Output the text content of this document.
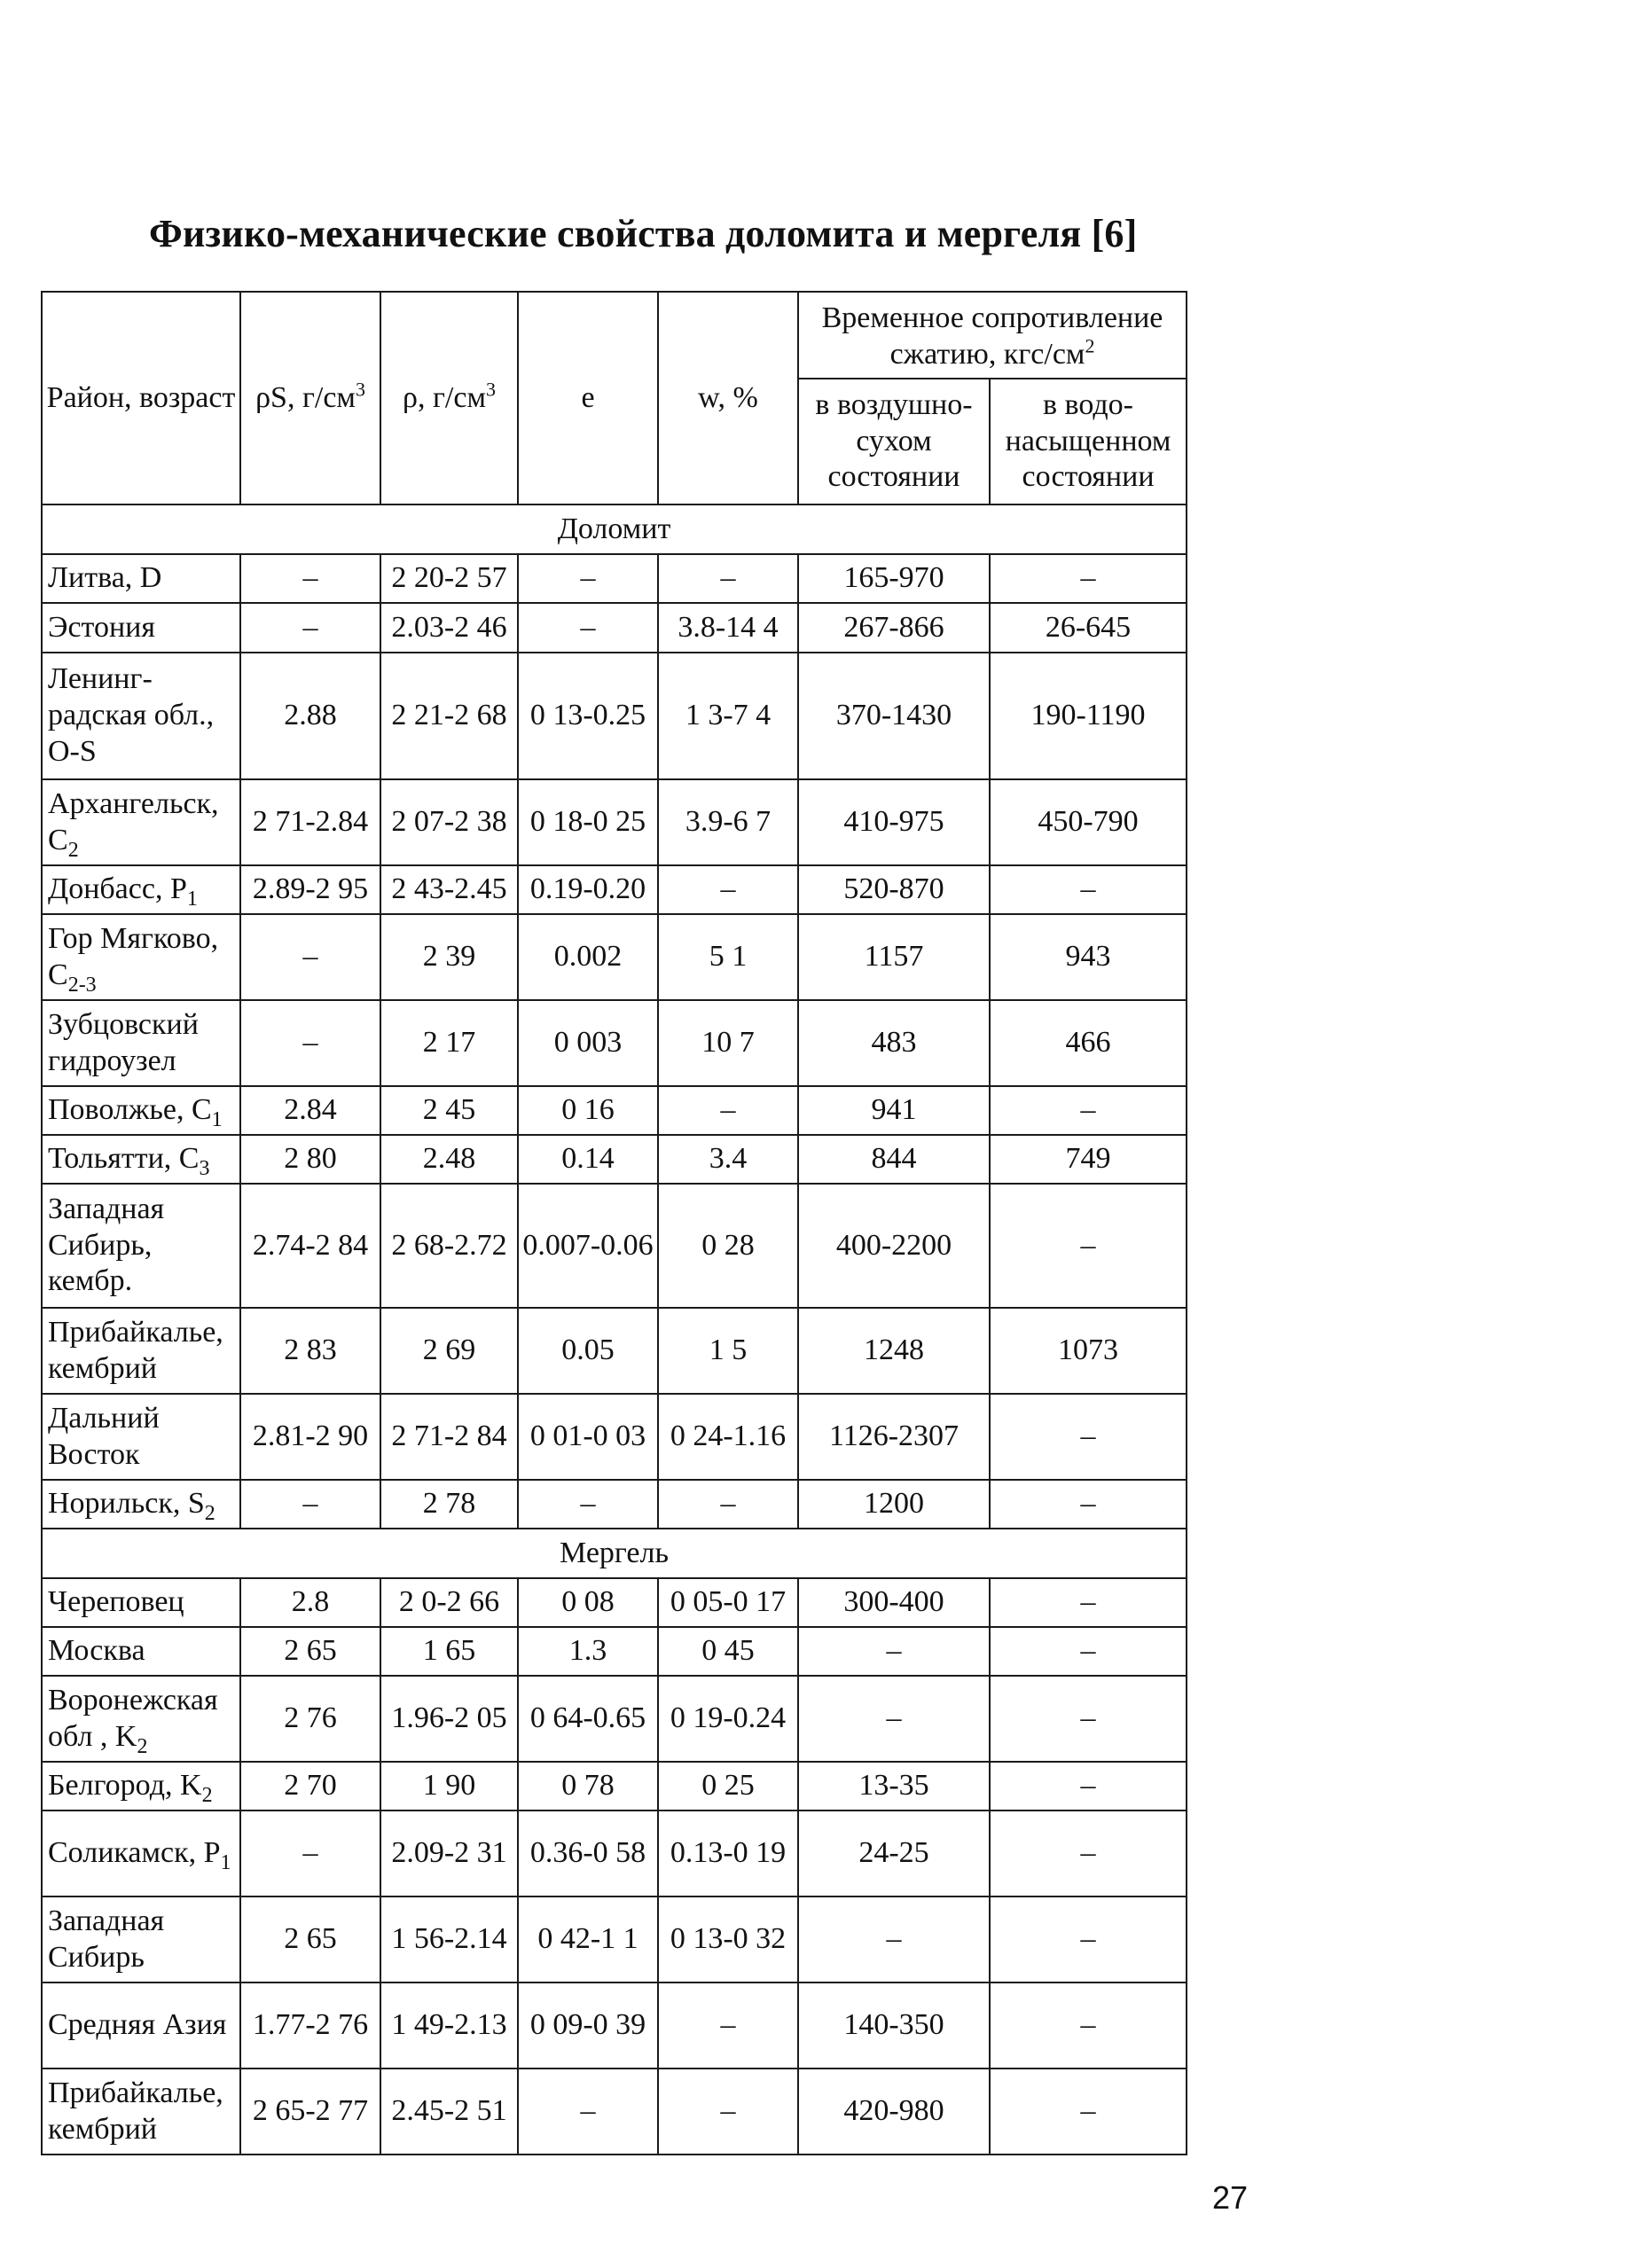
Физико-механические свойства доломита и мергеля [6]
Район, возраст	ρS, $г/см^3$	ρ, $г/см^3$	e	w, %	Временное сопротивление сжатию, кгс/$см^2$
					в воздушно-сухом состоянии	в водо-насыщенном состоянии
Доломит						
Литва, D	–	2 20-2 57	–	–	165-970	–
Эстония	–	2.03-2 46	–	3.8-14 4	267-866	26-645
Ленинг-радская обл., O-S	2.88	2 21-2 68	0 13-0.25	1 3-7 4	370-1430	190-1190
Архангельск, $C_2$	2 71-2.84	2 07-2 38	0 18-0 25	3.9-6 7	410-975	450-790
Донбасс, $P_1$	2.89-2 95	2 43-2.45	0.19-0.20	–	520-870	–
Гор Мягково, $C_{2-3}$	–	2 39	0.002	5 1	1157	943
Зубцовский гидроузел	–	2 17	0 003	10 7	483	466
Поволжье, $C_1$	2.84	2 45	0 16	–	941	–
Тольятти, $C_3$	2 80	2.48	0.14	3.4	844	749
Западная Сибирь, кембр.	2.74-2 84	2 68-2.72	0.007-0.06	0 28	400-2200	–
Прибайкалье, кембрий	2 83	2 69	0.05	1 5	1248	1073
Дальний Восток	2.81-2 90	2 71-2 84	0 01-0 03	0 24-1.16	1126-2307	–
Норильск, $S_2$	–	2 78	–	–	1200	–
Мергель						
Череповец	2.8	2 0-2 66	0 08	0 05-0 17	300-400	–
Москва	2 65	1 65	1.3	0 45	–	–
Воронежская обл , $K_2$	2 76	1.96-2 05	0 64-0.65	0 19-0.24	–	–
Белгород, $K_2$	2 70	1 90	0 78	0 25	13-35	–
Соликамск, $P_1$	–	2.09-2 31	0.36-0 58	0.13-0 19	24-25	–
Западная Сибирь	2 65	1 56-2.14	0 42-1 1	0 13-0 32	–	–
Средняя Азия	1.77-2 76	1 49-2.13	0 09-0 39	–	140-350	–
Прибайкалье, кембрий	2 65-2 77	2.45-2 51	–	–	420-980	–
27
